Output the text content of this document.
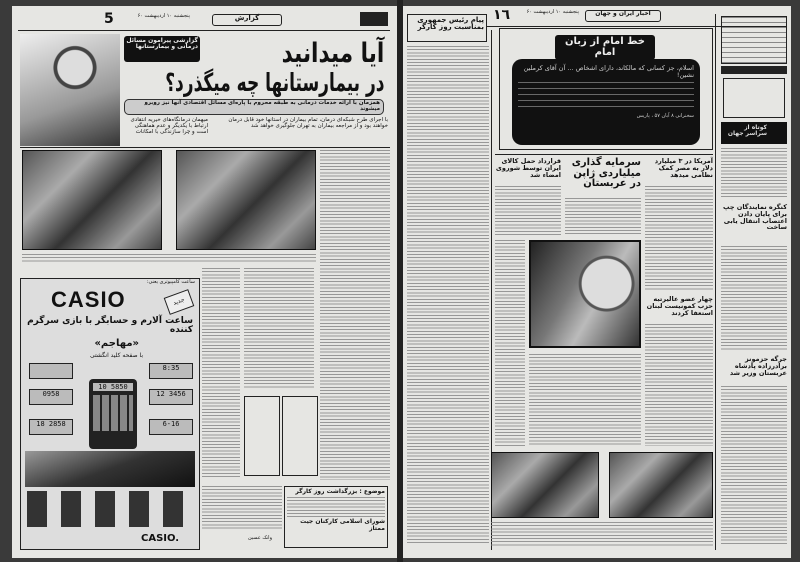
5	پنجشنبه ۱۰ اردیبهشت ۶۰	گزارش
گزارشی پیرامون مسائل درمانی و بیمارستانها	آیا میدانید
در بیمارستانها چه میگذرد؟
همزمان با ارائه خدمات درمانی به طبقه محروم با پاره‌ای مسائل اقتصادی آنها نیز روبرو میشوند
با اجرای طرح شبکه‌ای درمان، تمام بیماران در استانها خود قابل درمان خواهند بود و از مراجعه بیماران به تهران جلوگیری خواهد شد
میهمان درمانگاه‌های خیریه انتقادی ارتباط با یکدیگر و عدم هماهنگی است و چرا سازندگی با امکانات
وانک عسین
موضوع : بزرگداشت روز کارگر
شورای اسلامی کارکنان جیت ممتاز
ساعت کامپیوتری یعنی:
CASIO	جدید
ساعت آلارم و حسابگر با بازی سرگرم کننده
«مهاجم»
با صفحه کلید انگشتی
10 5850
0958
18 2858
8:35
12 3456
6-16
CASIO.
١٦	پنجشنبه ۱۰ اردیبهشت ۶۰	اخبار ایران و جهان
پیام رئیس جمهوری بمناسبت روز کارگر
خط امام از زبان امام
اسلام، جز کسانی که مالکاند، دارای اشخاص ... آن آقای کرملین نشین!
سخنرانی ۸ آبان ۵۷ ، پاریس
کوتاه از سراسر جهان
کنگره نمایندگان چپ برای پایان دادن اعتصاب انتقال یابی ساخت
جرگه حزمونز برادرزاده پادشاه عربستان وزیر شد
قرارداد حمل کالای ایران توسط شوروی امضاء شد
سرمایه گذاری میلیاردی ژاپن در عربستان
آمریکا در ۳ میلیارد دلار به مصر کمک نظامی میدهد
چهار عضو عالیرتبه حزب کمونیست لبنان استعفا کردند
